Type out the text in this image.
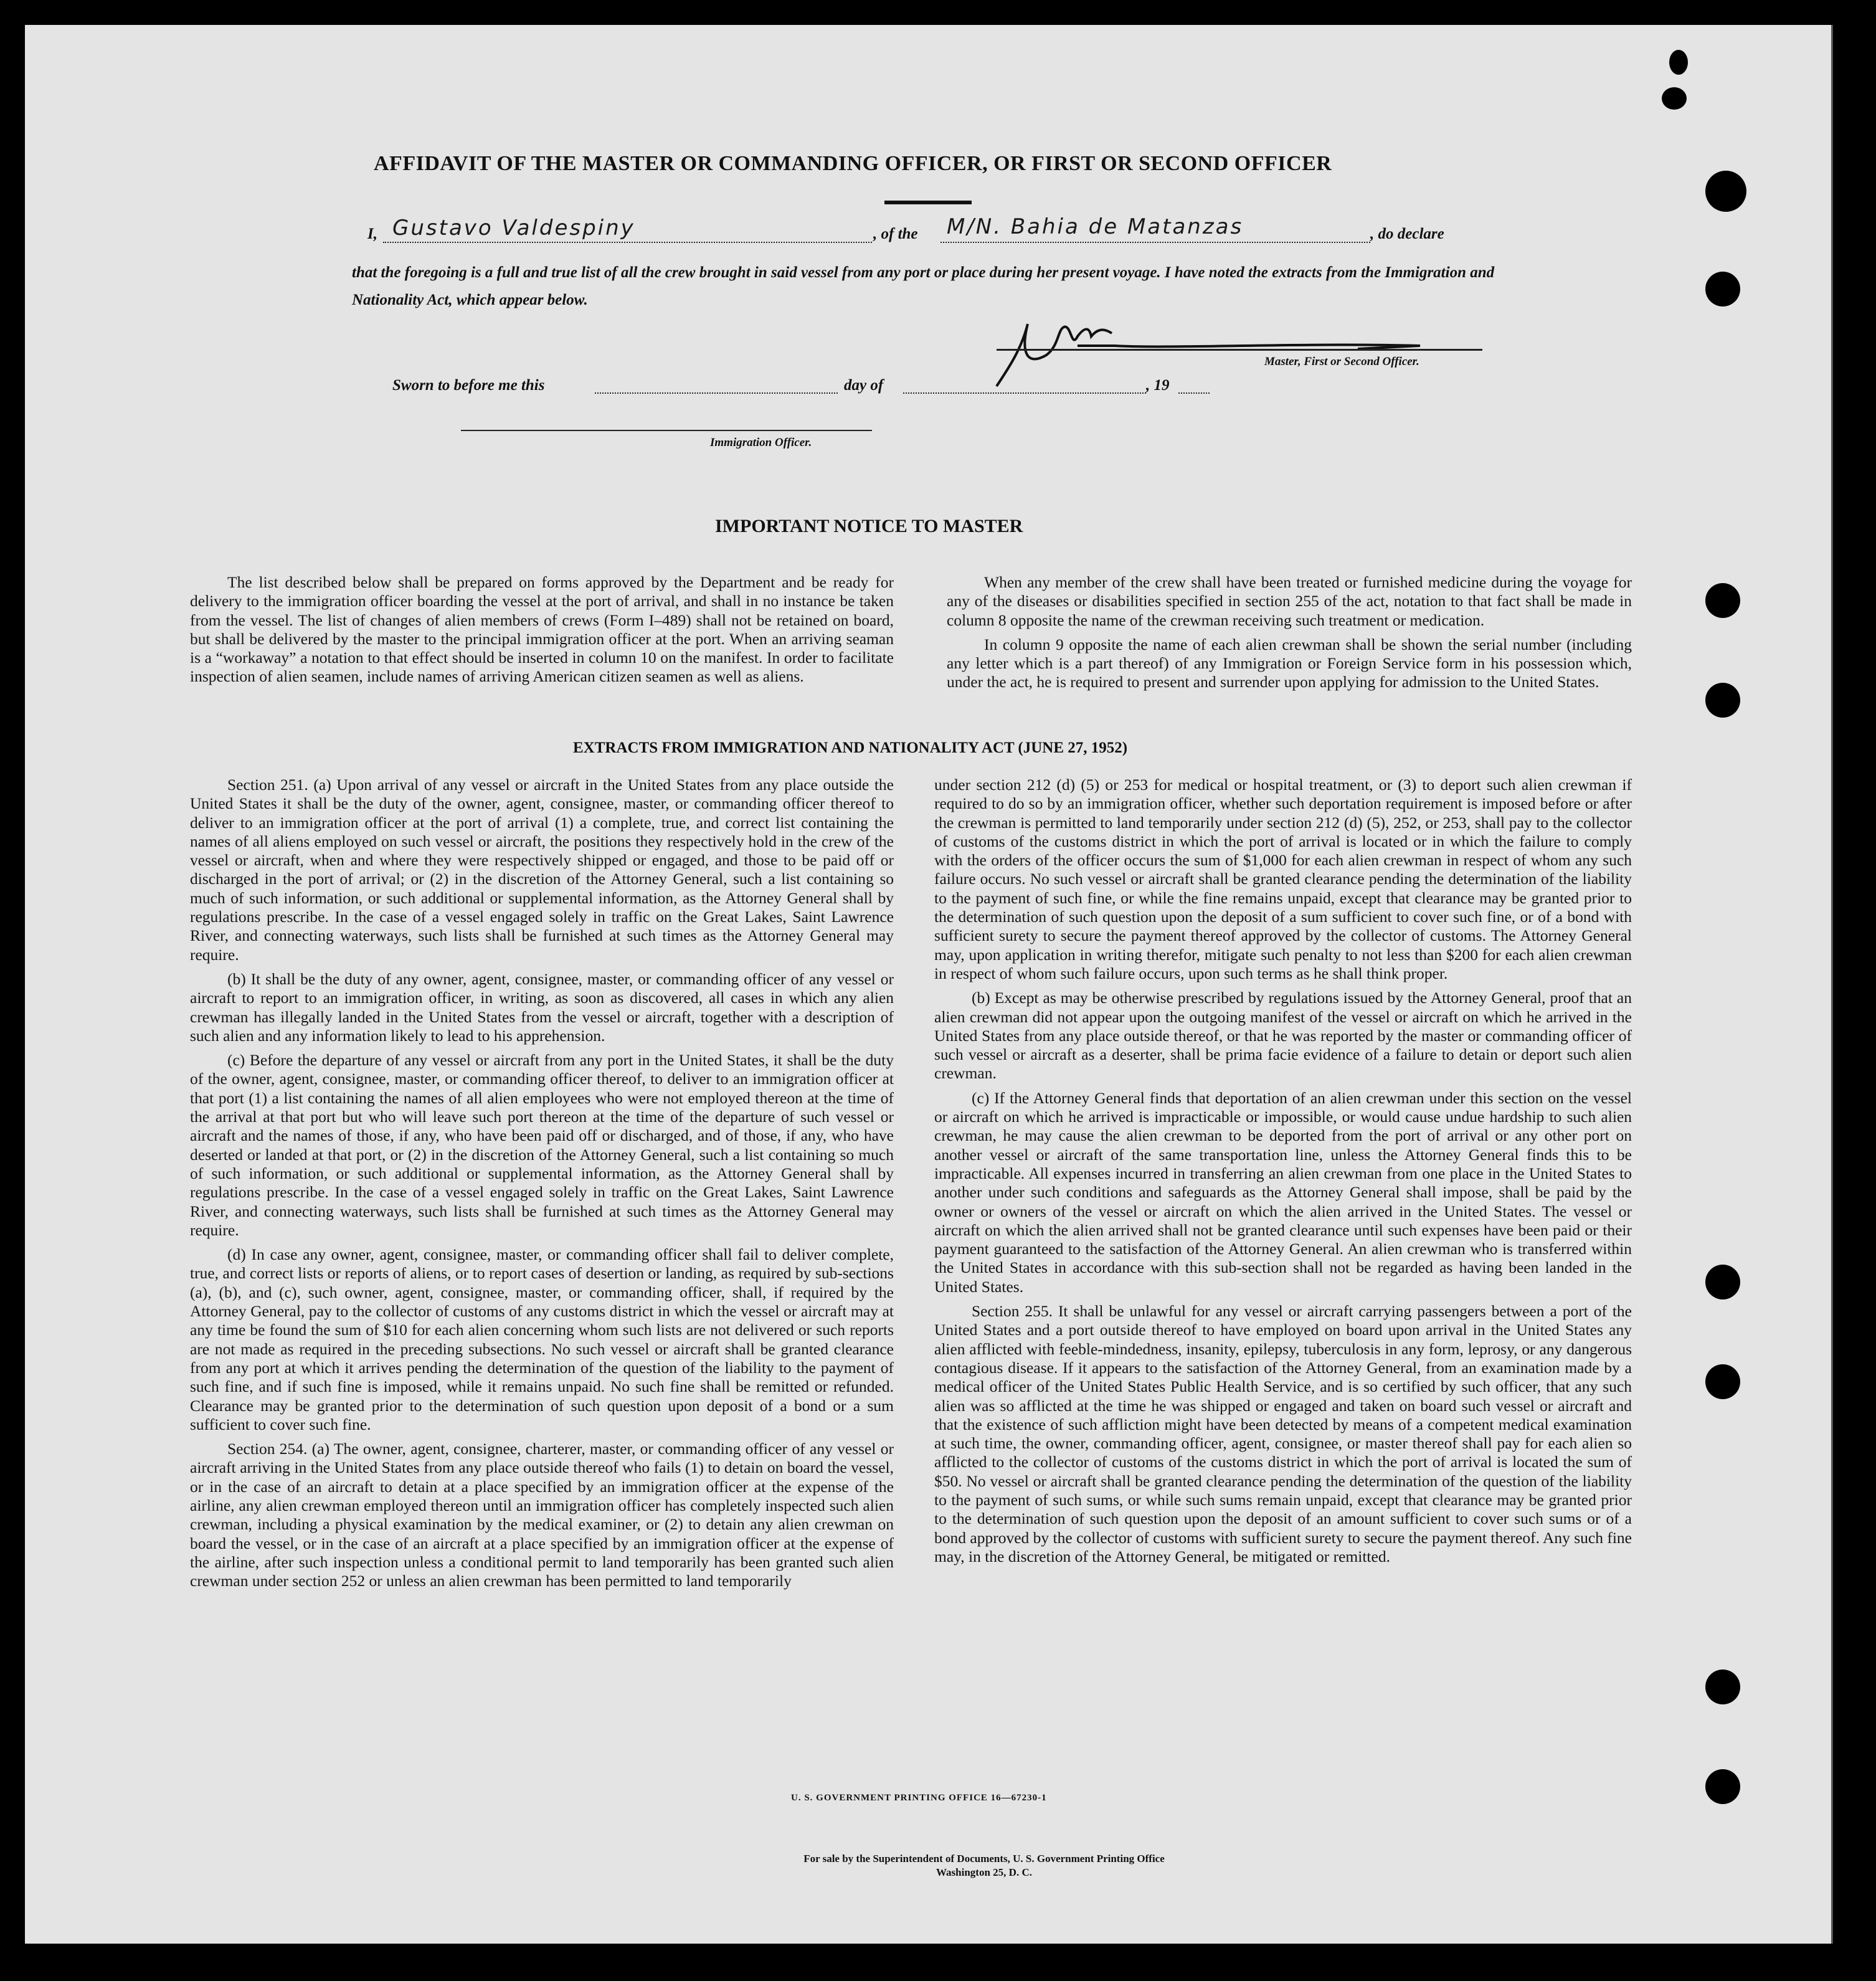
AFFIDAVIT OF THE MASTER OR COMMANDING OFFICER, OR FIRST OR SECOND OFFICER
I, Gustavo Valdespiny	, of the M/N. Bahia de Matanzas	, do declare
that the foregoing is a full and true list of all the crew brought in said vessel from any port or place during her present voyage. I have noted the extracts from the Immigration and Nationality Act, which appear below.
Master, First or Second Officer.
Sworn to before me this	day of	, 19
Immigration Officer.
IMPORTANT NOTICE TO MASTER

The list described below shall be prepared on forms approved by the Department and be ready for delivery to the immigration officer boarding the vessel at the port of arrival, and shall in no instance be taken from the vessel. The list of changes of alien members of crews (Form I–489) shall not be retained on board, but shall be delivered by the master to the principal immigration officer at the port. When an arriving seaman is a “workaway” a notation to that effect should be inserted in column 10 on the manifest. In order to facilitate inspection of alien seamen, include names of arriving American citizen seamen as well as aliens.

When any member of the crew shall have been treated or furnished medicine during the voyage for any of the diseases or disabilities specified in section 255 of the act, notation to that fact shall be made in column 8 opposite the name of the crewman receiving such treatment or medication.

In column 9 opposite the name of each alien crewman shall be shown the serial number (including any letter which is a part thereof) of any Immigration or Foreign Service form in his possession which, under the act, he is required to present and surrender upon applying for admission to the United States.

EXTRACTS FROM IMMIGRATION AND NATIONALITY ACT (JUNE 27, 1952)

Section 251. (a) Upon arrival of any vessel or aircraft in the United States from any place outside the United States it shall be the duty of the owner, agent, consignee, master, or commanding officer thereof to deliver to an immigration officer at the port of arrival (1) a complete, true, and correct list containing the names of all aliens employed on such vessel or aircraft, the positions they respectively hold in the crew of the vessel or aircraft, when and where they were respectively shipped or engaged, and those to be paid off or discharged in the port of arrival; or (2) in the discretion of the Attorney General, such a list containing so much of such information, or such additional or supplemental information, as the Attorney General shall by regulations prescribe. In the case of a vessel engaged solely in traffic on the Great Lakes, Saint Lawrence River, and connecting waterways, such lists shall be furnished at such times as the Attorney General may require.

(b) It shall be the duty of any owner, agent, consignee, master, or commanding officer of any vessel or aircraft to report to an immigration officer, in writing, as soon as discovered, all cases in which any alien crewman has illegally landed in the United States from the vessel or aircraft, together with a description of such alien and any information likely to lead to his apprehension.

(c) Before the departure of any vessel or aircraft from any port in the United States, it shall be the duty of the owner, agent, consignee, master, or commanding officer thereof, to deliver to an immigration officer at that port (1) a list containing the names of all alien employees who were not employed thereon at the time of the arrival at that port but who will leave such port thereon at the time of the departure of such vessel or aircraft and the names of those, if any, who have been paid off or discharged, and of those, if any, who have deserted or landed at that port, or (2) in the discretion of the Attorney General, such a list containing so much of such information, or such additional or supplemental information, as the Attorney General shall by regulations prescribe. In the case of a vessel engaged solely in traffic on the Great Lakes, Saint Lawrence River, and connecting waterways, such lists shall be furnished at such times as the Attorney General may require.

(d) In case any owner, agent, consignee, master, or commanding officer shall fail to deliver complete, true, and correct lists or reports of aliens, or to report cases of desertion or landing, as required by sub-sections (a), (b), and (c), such owner, agent, consignee, master, or commanding officer, shall, if required by the Attorney General, pay to the collector of customs of any customs district in which the vessel or aircraft may at any time be found the sum of $10 for each alien concerning whom such lists are not delivered or such reports are not made as required in the preceding subsections. No such vessel or aircraft shall be granted clearance from any port at which it arrives pending the determination of the question of the liability to the payment of such fine, and if such fine is imposed, while it remains unpaid. No such fine shall be remitted or refunded. Clearance may be granted prior to the determination of such question upon deposit of a bond or a sum sufficient to cover such fine.

Section 254. (a) The owner, agent, consignee, charterer, master, or commanding officer of any vessel or aircraft arriving in the United States from any place outside thereof who fails (1) to detain on board the vessel, or in the case of an aircraft to detain at a place specified by an immigration officer at the expense of the airline, any alien crewman employed thereon until an immigration officer has completely inspected such alien crewman, including a physical examination by the medical examiner, or (2) to detain any alien crewman on board the vessel, or in the case of an aircraft at a place specified by an immigration officer at the expense of the airline, after such inspection unless a conditional permit to land temporarily has been granted such alien crewman under section 252 or unless an alien crewman has been permitted to land temporarily

under section 212 (d) (5) or 253 for medical or hospital treatment, or (3) to deport such alien crewman if required to do so by an immigration officer, whether such deportation requirement is imposed before or after the crewman is permitted to land temporarily under section 212 (d) (5), 252, or 253, shall pay to the collector of customs of the customs district in which the port of arrival is located or in which the failure to comply with the orders of the officer occurs the sum of $1,000 for each alien crewman in respect of whom any such failure occurs. No such vessel or aircraft shall be granted clearance pending the determination of the liability to the payment of such fine, or while the fine remains unpaid, except that clearance may be granted prior to the determination of such question upon the deposit of a sum sufficient to cover such fine, or of a bond with sufficient surety to secure the payment thereof approved by the collector of customs. The Attorney General may, upon application in writing therefor, mitigate such penalty to not less than $200 for each alien crewman in respect of whom such failure occurs, upon such terms as he shall think proper.

(b) Except as may be otherwise prescribed by regulations issued by the Attorney General, proof that an alien crewman did not appear upon the outgoing manifest of the vessel or aircraft on which he arrived in the United States from any place outside thereof, or that he was reported by the master or commanding officer of such vessel or aircraft as a deserter, shall be prima facie evidence of a failure to detain or deport such alien crewman.

(c) If the Attorney General finds that deportation of an alien crewman under this section on the vessel or aircraft on which he arrived is impracticable or impossible, or would cause undue hardship to such alien crewman, he may cause the alien crewman to be deported from the port of arrival or any other port on another vessel or aircraft of the same transportation line, unless the Attorney General finds this to be impracticable. All expenses incurred in transferring an alien crewman from one place in the United States to another under such conditions and safeguards as the Attorney General shall impose, shall be paid by the owner or owners of the vessel or aircraft on which the alien arrived in the United States. The vessel or aircraft on which the alien arrived shall not be granted clearance until such expenses have been paid or their payment guaranteed to the satisfaction of the Attorney General. An alien crewman who is transferred within the United States in accordance with this sub-section shall not be regarded as having been landed in the United States.

Section 255. It shall be unlawful for any vessel or aircraft carrying passengers between a port of the United States and a port outside thereof to have employed on board upon arrival in the United States any alien afflicted with feeble-mindedness, insanity, epilepsy, tuberculosis in any form, leprosy, or any dangerous contagious disease. If it appears to the satisfaction of the Attorney General, from an examination made by a medical officer of the United States Public Health Service, and is so certified by such officer, that any such alien was so afflicted at the time he was shipped or engaged and taken on board such vessel or aircraft and that the existence of such affliction might have been detected by means of a competent medical examination at such time, the owner, commanding officer, agent, consignee, or master thereof shall pay for each alien so afflicted to the collector of customs of the customs district in which the port of arrival is located the sum of $50. No vessel or aircraft shall be granted clearance pending the determination of the question of the liability to the payment of such sums, or while such sums remain unpaid, except that clearance may be granted prior to the determination of such question upon the deposit of an amount sufficient to cover such sums or of a bond approved by the collector of customs with sufficient surety to secure the payment thereof. Any such fine may, in the discretion of the Attorney General, be mitigated or remitted.

U. S. GOVERNMENT PRINTING OFFICE 16—67230-1
For sale by the Superintendent of Documents, U. S. Government Printing Office
Washington 25, D. C.
